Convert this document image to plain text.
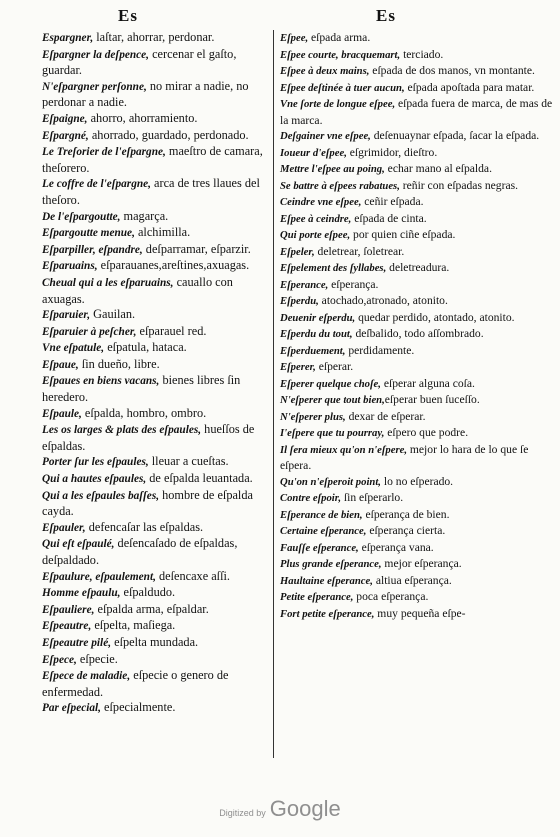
Es	Es
Espargner, laſtar, ahorrar, perdonar.
Eſpargner la deſpence, cercenar el gaſto, guardar.
N'eſpargner perſonne, no mirar a nadie, no perdonar a nadie.
Eſpaigne, ahorro, ahorramiento.
Eſpargné, ahorrado, guardado, perdonado.
Le Treſorier de l'eſpargne, maeſtro de camara, theſorero.
Le coffre de l'eſpargne, arca de tres llaues del theſoro.
De l'eſpargoutte, magarça.
Eſpargoutte menue, alchimilla.
Eſparpiller, eſpandre, deſparramar, eſparzir.
Eſparuains, eſparauanes,areſtines,axuagas.
Cheual qui a les eſparuains, cauallo con axuagas.
Eſparuier, Gauilan.
Eſparuier à peſcher, eſparauel red.
Vne eſpatule, eſpatula, hataca.
Eſpaue, ſin dueño, libre.
Eſpaues en biens vacans, bienes libres ſin heredero.
Eſpaule, eſpalda, hombro, ombro.
Les os larges & plats des eſpaules, hueſſos de eſpaldas.
Porter ſur les eſpaules, lleuar a cueſtas.
Qui a hautes eſpaules, de eſpalda leuantada.
Qui a les eſpaules baſſes, hombre de eſpalda cayda.
Eſpauler, defencaſar las eſpaldas.
Qui eſt eſpaulé, deſencaſado de eſpaldas, deſpaldado.
Eſpaulure, eſpaulement, deſencaxe aſſi.
Homme eſpaulu, eſpaldudo.
Eſpauliere, eſpalda arma, eſpaldar.
Eſpeautre, eſpelta, maſiega.
Eſpeautre pilé, eſpelta mundada.
Eſpece, eſpecie.
Eſpece de maladie, eſpecie o genero de enfermedad.
Par eſpecial, eſpecialmente.
Eſpee, eſpada arma.
Eſpee courte, bracquemart, terciado.
Eſpee à deux mains, eſpada de dos manos, vn montante.
Eſpee deſtinée à tuer aucun, eſpada apoſtada para matar.
Vne ſorte de longue eſpee, eſpada fuera de marca, de mas de la marca.
Deſgainer vne eſpee, deſenuaynar eſpada, ſacar la eſpada.
Ioueur d'eſpee, eſgrimidor, dieſtro.
Mettre l'eſpee au poing, echar mano al eſpalda.
Se battre à eſpees rabatues, reñir con eſpadas negras.
Ceindre vne eſpee, ceñir eſpada.
Eſpee à ceindre, eſpada de cinta.
Qui porte eſpee, por quien ciñe eſpada.
Eſpeler, deletrear, ſoletrear.
Eſpelement des ſyllabes, deletreadura.
Eſperance, eſperança.
Eſperdu, atochado,atronado, atonito.
Deuenir eſperdu, quedar perdido, atontado, atonito.
Eſperdu du tout, deſbalido, todo aſſombrado.
Eſperduement, perdidamente.
Eſperer, eſperar.
Eſperer quelque choſe, eſperar alguna coſa.
N'eſperer que tout bien,eſperar buen ſuceſſo.
N'eſperer plus, dexar de eſperar.
I'eſpere que tu pourray, eſpero que podre.
Il ſera mieux qu'on n'eſpere, mejor lo hara de lo que ſe eſpera.
Qu'on n'eſperoit point, lo no eſperado.
Contre eſpoir, ſin eſperarlo.
Eſperance de bien, eſperança de bien.
Certaine eſperance, eſperança cierta.
Fauſſe eſperance, eſperança vana.
Plus grande eſperance, mejor eſperança.
Haultaine eſperance, altiua eſperança.
Petite eſperance, poca eſperança.
Fort petite eſperance, muy pequeña eſpe-
Digitized by Google
